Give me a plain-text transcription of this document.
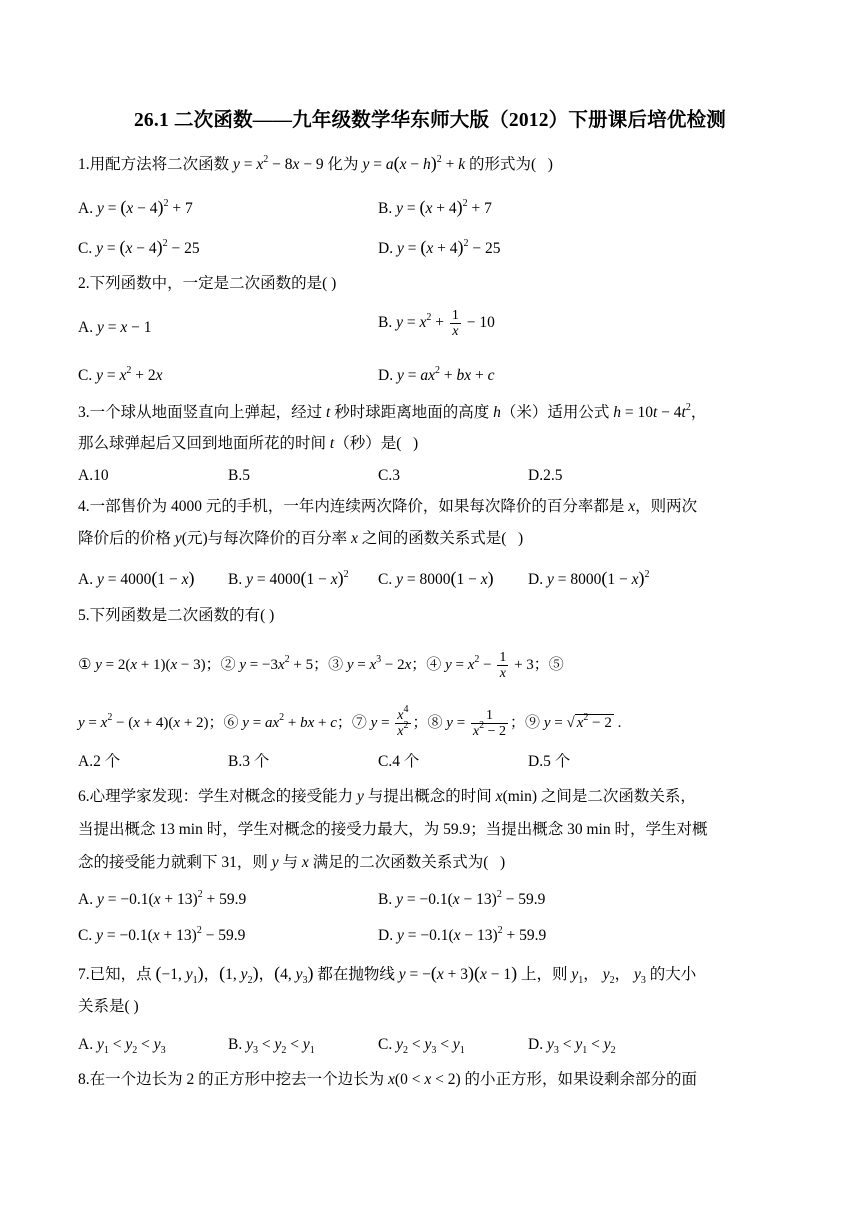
26.1 二次函数——九年级数学华东师大版（2012）下册课后培优检测
1.用配方法将二次函数 $y = x^2 - 8x - 9$ 化为 $y = a(x - h)^2 + k$ 的形式为(   )
A. $y = (x - 4)^2 + 7$	B. $y = (x + 4)^2 + 7$
C. $y = (x - 4)^2 - 25$	D. $y = (x + 4)^2 - 25$
2.下列函数中，一定是二次函数的是( )
A. y = x − 1	B. $y = x^2 + \frac{1}{x} - 10$
C. $y = x^2 + 2x$	D. $y = ax^2$ + bx + c
3.一个球从地面竖直向上弹起，经过 t 秒时球距离地面的高度 h（米）适用公式 $h = 10t - 4t^2$，
那么球弹起后又回到地面所花的时间 t（秒）是(   )
A.10	B.5	C.3	D.2.5
4.一部售价为 4000 元的手机，一年内连续两次降价，如果每次降价的百分率都是 x，则两次
降价后的价格 y(元)与每次降价的百分率 x 之间的函数关系式是(   )
A. y = 4000(1 − x) B. $y = 4000(1 - x)^2$ C. y = 8000(1 − x) D. $y = 8000(1 - x)^2$
5.下列函数是二次函数的有( )
① y = 2(x + 1)(x − 3)；② $y = -3x^2 + 5$；③ $y = x^3 - 2x$；④ $y = x^2 - \frac{1}{x} + 3$；⑤
$y = x^2 - (x + 4)(x + 2)$；⑥ $y = ax^2$ + bx + c；⑦ $y = \frac{x^4}{x^2}$ ；⑧ $y = \frac{1}{x^2 - 2}$ ；⑨ y = √ $x^2 - 2$ .
A.2 个	B.3 个	C.4 个	D.5 个
6.心理学家发现：学生对概念的接受能力 y 与提出概念的时间 x(min) 之间是二次函数关系，
当提出概念 13 min 时，学生对概念的接受力最大，为 59.9；当提出概念 30 min 时，学生对概
念的接受能力就剩下 31，则 y 与 x 满足的二次函数关系式为(   )
A. $y = -0.1(x + 13)^2 + 59.9$	B. $y = -0.1(x - 13)^2 - 59.9$
C. $y = -0.1(x + 13)^2 - 59.9$	D. $y = -0.1(x - 13)^2 + 59.9$
7.已知，点 (−1, $y_1$)，(1, $y_2$)，(4, $y_3$) 都在抛物线 y = −(x + 3)(x − 1) 上，则 $y_1$， $y_2$， $y_3$ 的大小
关系是( )
A. $y_1 < y_2 < y_3$	B. $y_3 < y_2 < y_1$	C. $y_2 < y_3 < y_1$	D. $y_3 < y_1 < y_2$
8.在一个边长为 2 的正方形中挖去一个边长为 x(0 < x < 2) 的小正方形，如果设剩余部分的面
